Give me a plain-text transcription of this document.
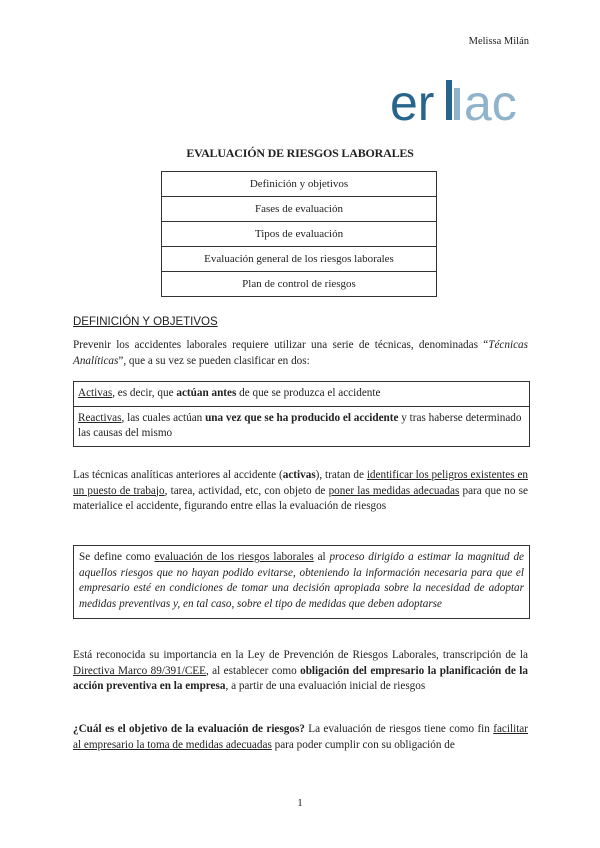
Melissa Milán
er ac
EVALUACIÓN DE RIESGOS LABORALES
Definición y objetivos
Fases de evaluación
Tipos de evaluación
Evaluación general de los riesgos laborales
Plan de control de riesgos
DEFINICIÓN Y OBJETIVOS
Prevenir los accidentes laborales requiere utilizar una serie de técnicas, denominadas “Técnicas Analíticas”, que a su vez se pueden clasificar en dos:
Activas, es decir, que actúan antes de que se produzca el accidente
Reactivas, las cuales actúan una vez que se ha producido el accidente y tras haberse determinado las causas del mismo
Las técnicas analíticas anteriores al accidente (activas), tratan de identificar los peligros existentes en un puesto de trabajo, tarea, actividad, etc, con objeto de poner las medidas adecuadas para que no se materialice el accidente, figurando entre ellas la evaluación de riesgos
Se define como evaluación de los riesgos laborales al proceso dirigido a estimar la magnitud de aquellos riesgos que no hayan podido evitarse, obteniendo la información necesaria para que el empresario esté en condiciones de tomar una decisión apropiada sobre la necesidad de adoptar medidas preventivas y, en tal caso, sobre el tipo de medidas que deben adoptarse
Está reconocida su importancia en la Ley de Prevención de Riesgos Laborales, transcripción de la Directiva Marco 89/391/CEE, al establecer como obligación del empresario la planificación de la acción preventiva en la empresa, a partir de una evaluación inicial de riesgos
¿Cuál es el objetivo de la evaluación de riesgos? La evaluación de riesgos tiene como fin facilitar al empresario la toma de medidas adecuadas para poder cumplir con su obligación de
1
